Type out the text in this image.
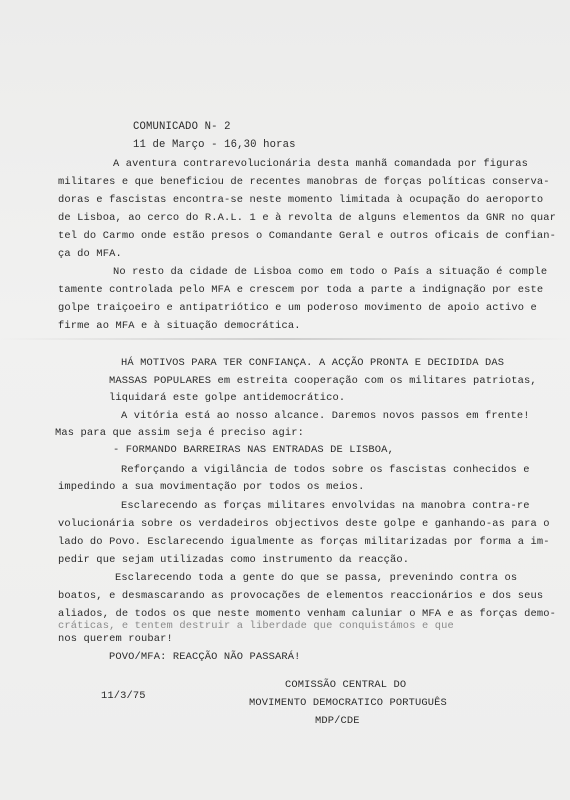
COMUNICADO N- 2
11 de Março - 16,30 horas
A aventura contrarevolucionária desta manhã comandada por figuras
militares e que beneficiou de recentes manobras de forças políticas conserva-
doras e fascistas encontra-se neste momento limitada à ocupação do aeroporto
de Lisboa, ao cerco do R.A.L. 1 e à revolta de alguns elementos da GNR no quar
tel do Carmo onde estão presos o Comandante Geral e outros oficais de confian-
ça do MFA.
No resto da cidade de Lisboa como em todo o País a situação é comple
tamente controlada pelo MFA e crescem por toda a parte a indignação por este
golpe traiçoeiro e antipatriótico e um poderoso movimento de apoio activo e
firme ao MFA e à situação democrática.
HÁ MOTIVOS PARA TER CONFIANÇA. A ACÇÃO PRONTA E DECIDIDA DAS
MASSAS POPULARES em estreita cooperação com os militares patriotas,
liquidará este golpe antidemocrático.
A vitória está ao nosso alcance. Daremos novos passos em frente!
Mas para que assim seja é preciso agir:
- FORMANDO BARREIRAS NAS ENTRADAS DE LISBOA,
Reforçando a vigilância de todos sobre os fascistas conhecidos e
impedindo a sua movimentação por todos os meios.
Esclarecendo as forças militares envolvidas na manobra contra-re
volucionária sobre os verdadeiros objectivos deste golpe e ganhando-as para o
lado do Povo. Esclarecendo igualmente as forças militarizadas por forma a im-
pedir que sejam utilizadas como instrumento da reacção.
Esclarecendo toda a gente do que se passa, prevenindo contra os
boatos, e desmascarando as provocações de elementos reaccionários e dos seus
aliados, de todos os que neste momento venham caluniar o MFA e as forças demo-
cráticas, e tentem destruir a liberdade que conquistámos e que
nos querem roubar!
POVO/MFA: REACÇÃO NÃO PASSARÁ!
11/3/75
COMISSÃO CENTRAL DO
MOVIMENTO DEMOCRATICO PORTUGUÊS
MDP/CDE
